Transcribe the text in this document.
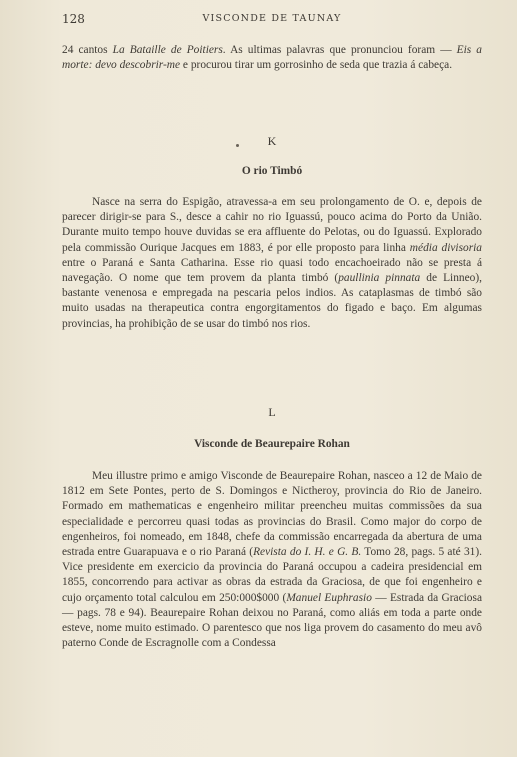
128	VISCONDE DE TAUNAY

24 cantos La Bataille de Poitiers. As ultimas palavras que pronunciou foram — Eis a morte: devo descobrir-me e procurou tirar um gorrosinho de seda que trazia á cabeça.

K
O rio Timbó

Nasce na serra do Espigão, atravessa-a em seu prolongamento de O. e, depois de parecer dirigir-se para S., desce a cahir no rio Iguassú, pouco acima do Porto da União. Durante muito tempo houve duvidas se era affluente do Pelotas, ou do Iguassú. Explorado pela commissão Ourique Jacques em 1883, é por elle proposto para linha média divisoria entre o Paraná e Santa Catharina. Esse rio quasi todo encachoeirado não se presta á navegação. O nome que tem provem da planta timbó (paullinia pinnata de Linneo), bastante venenosa e empregada na pescaria pelos indios. As cataplasmas de timbó são muito usadas na therapeutica contra engorgitamentos do figado e baço. Em algumas provincias, ha prohibição de se usar do timbó nos rios.

L
Visconde de Beaurepaire Rohan

Meu illustre primo e amigo Visconde de Beaurepaire Rohan, nasceo a 12 de Maio de 1812 em Sete Pontes, perto de S. Domingos e Nictheroy, provincia do Rio de Janeiro. Formado em mathematicas e engenheiro militar preencheu muitas commissões da sua especialidade e percorreu quasi todas as provincias do Brasil. Como major do corpo de engenheiros, foi nomeado, em 1848, chefe da commissão encarregada da abertura de uma estrada entre Guarapuava e o rio Paraná (Revista do I. H. e G. B. Tomo 28, pags. 5 até 31). Vice presidente em exercicio da provincia do Paraná occupou a cadeira presidencial em 1855, concorrendo para activar as obras da estrada da Graciosa, de que foi engenheiro e cujo orçamento total calculou em 250:000$000 (Manuel Euphrasio — Estrada da Graciosa — pags. 78 e 94). Beaurepaire Rohan deixou no Paraná, como aliás em toda a parte onde esteve, nome muito estimado. O parentesco que nos liga provem do casamento do meu avô paterno Conde de Escragnolle com a Condessa
